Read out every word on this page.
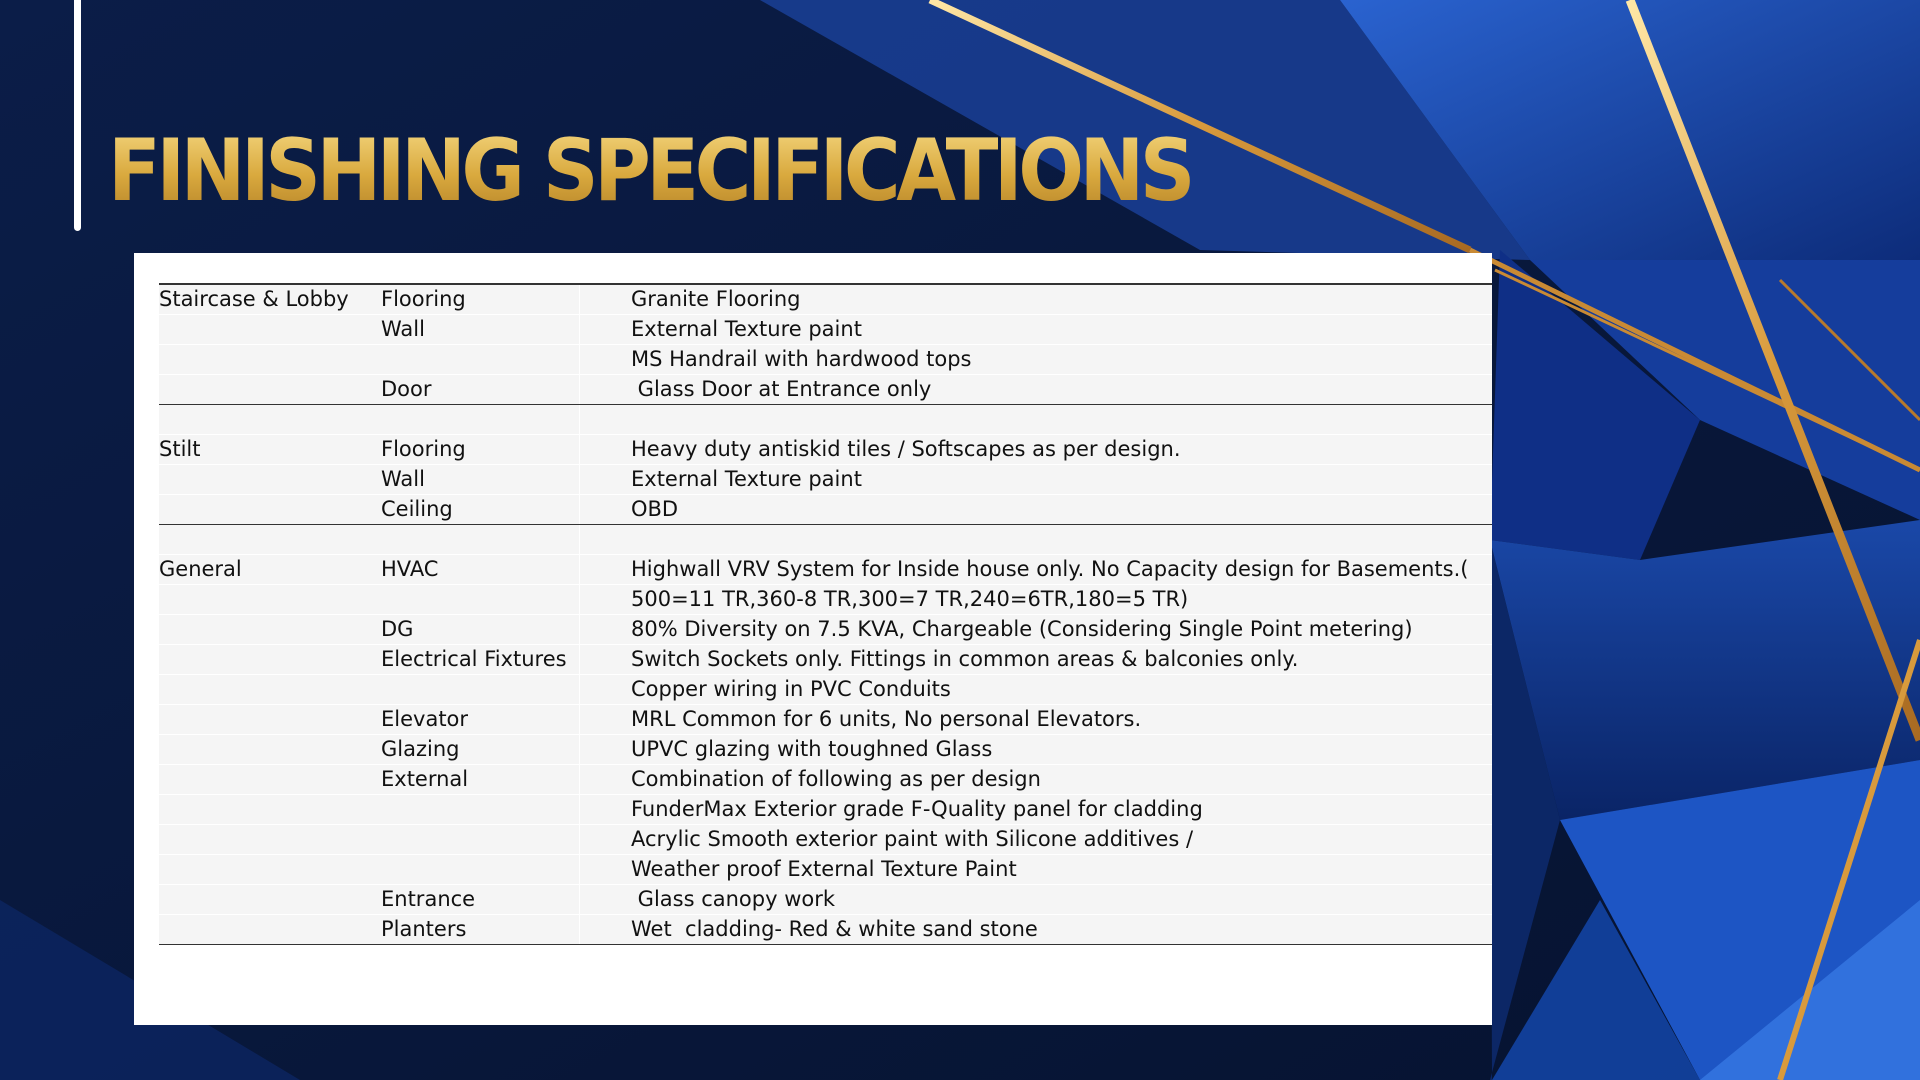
FINISHING SPECIFICATIONS
Staircase & Lobby	Flooring	Granite Flooring
	Wall	External Texture paint
		MS Handrail with hardwood tops
	Door	Glass Door at Entrance only

Stilt	Flooring	Heavy duty antiskid tiles / Softscapes as per design.
	Wall	External Texture paint
	Ceiling	OBD

General	HVAC	Highwall VRV System for Inside house only. No Capacity design for Basements.(
		500=11 TR,360-8 TR,300=7 TR,240=6TR,180=5 TR)
	DG	80% Diversity on 7.5 KVA, Chargeable (Considering Single Point metering)
	Electrical Fixtures	Switch Sockets only. Fittings in common areas & balconies only.
		Copper wiring in PVC Conduits
	Elevator	MRL Common for 6 units, No personal Elevators.
	Glazing	UPVC glazing with toughned Glass
	External	Combination of following as per design
		FunderMax Exterior grade F-Quality panel for cladding
		Acrylic Smooth exterior paint with Silicone additives /
		Weather proof External Texture Paint
	Entrance	Glass canopy work
	Planters	Wet  cladding- Red & white sand stone
